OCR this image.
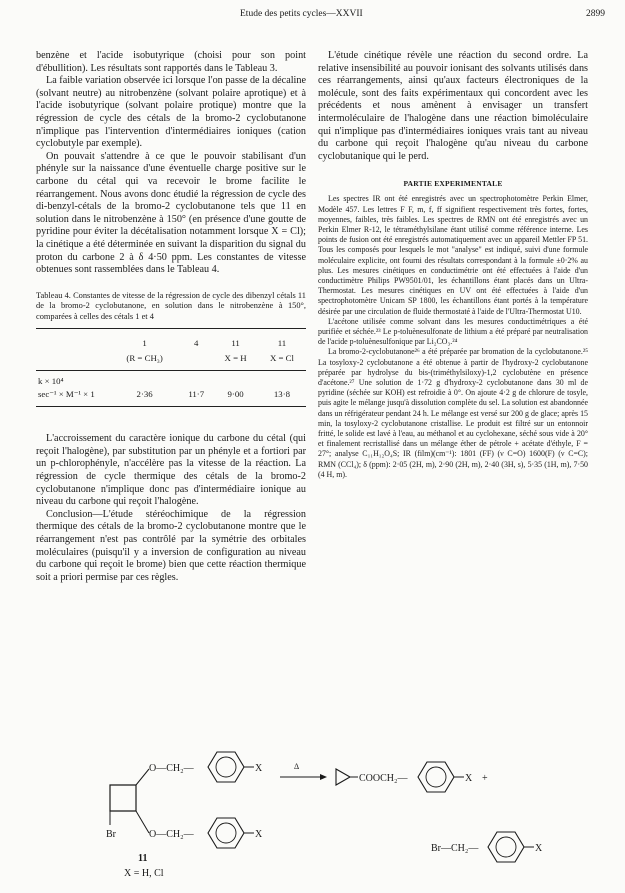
Etude des petits cycles—XXVII	2899

benzène et l'acide isobutyrique (choisi pour son point d'ébullition). Les résultats sont rapportés dans le Tableau 3.

La faible variation observée ici lorsque l'on passe de la décaline (solvant neutre) au nitrobenzène (solvant polaire aprotique) et à l'acide isobutyrique (solvant polaire protique) montre que la régression de cycle des cétals de la bromo-2 cyclobutanone n'implique pas l'intervention d'intermédiaires ioniques (cation cyclobutyle par exemple).

On pouvait s'attendre à ce que le pouvoir stabilisant d'un phényle sur la naissance d'une éventuelle charge positive sur le carbone du cétal qui va recevoir le brome facilite le réarrangement. Nous avons donc étudié la régression de cycle des di-benzyl-cétals de la bromo-2 cyclobutanone tels que 11 en solution dans le nitrobenzène à 150° (en présence d'une goutte de pyridine pour éviter la décétalisation notamment lorsque X = Cl); la cinétique a été déterminée en suivant la disparition du signal du proton du carbone 2 à δ 4·50 ppm. Les constantes de vitesse obtenues sont rassemblées dans le Tableau 4.

Tableau 4. Constantes de vitesse de la régression de cycle des dibenzyl cétals 11 de la bromo-2 cyclobutanone, en solution dans le nitrobenzène à 150°, comparées à celles des cétals 1 et 4

	1	4	11	11
	(R = CH₃)		X = H	X = Cl

k × 10⁴
sec⁻¹ × M⁻¹ × 1	2·36	11·7	9·00	13·8

L'accroissement du caractère ionique du carbone du cétal (qui reçoit l'halogène), par substitution par un phényle et a fortiori par un p-chlorophényle, n'accélère pas la vitesse de la réaction. La régression de cycle thermique des cétals de la bromo-2 cyclobutanone n'implique donc pas d'intermédiaire ionique au niveau du carbone qui reçoit l'halogène.

Conclusion—L'étude stéréochimique de la régression thermique des cétals de la bromo-2 cyclobutanone montre que le réarrangement n'est pas contrôlé par la symétrie des orbitales moléculaires (puisqu'il y a inversion de configuration au niveau du carbone qui reçoit le brome) bien que cette réaction thermique soit a priori permise par ces règles.

L'étude cinétique révèle une réaction du second ordre. La relative insensibilité au pouvoir ionisant des solvants utilisés dans ces réarrangements, ainsi qu'aux facteurs électroniques de la molécule, sont des faits expérimentaux qui concordent avec les précédents et nous amènent à envisager un transfert intermoléculaire de l'halogène dans une réaction bimoléculaire qui n'implique pas d'intermédiaires ioniques vrais tant au niveau du carbone qui reçoit l'halogène qu'au niveau du carbone cyclobutanique qui le perd.

PARTIE EXPERIMENTALE

Les spectres IR ont été enregistrés avec un spectrophotomètre Perkin Elmer, Modèle 457. Les lettres F F, m, f, ff signifient respectivement très fortes, fortes, moyennes, faibles, très faibles. Les spectres de RMN ont été enregistrés avec un Perkin Elmer R-12, le tétraméthylsilane étant utilisé comme référence interne. Les points de fusion ont été enregistrés automatiquement avec un appareil Mettler FP 51. Tous les composés pour lesquels le mot "analyse" est indiqué, suivi d'une formule moléculaire explicite, ont fourni des résultats correspondant à la formule ±0·2% au plus. Les mesures cinétiques en conductimétrie ont été effectuées à l'aide d'un conductimètre Philips PW9501/01, les échantillons étant placés dans un Ultra-Thermostat. Les mesures cinétiques en UV ont été effectuées à l'aide d'un spectrophotomètre Unicam SP 1800, les échantillons étant portés à la température désirée par une circulation de fluide thermostaté à l'aide de l'Ultra-Thermostat U10.

L'acétone utilisée comme solvant dans les mesures conductimétriques a été purifiée et séchée.²³ Le p-toluènesulfonate de lithium a été préparé par neutralisation de l'acide p-toluènesulfonique par Li₂CO₃.²⁴

La bromo-2-cyclobutanone²⁶ a été préparée par bromation de la cyclobutanone.²⁵ La tosyloxy-2 cyclobutanone a été obtenue à partir de l'hydroxy-2 cyclobutanone préparée par hydrolyse du bis-(triméthylsiloxy)-1,2 cyclobutène en présence d'acétone.²⁷ Une solution de 1·72 g d'hydroxy-2 cyclobutanone dans 30 ml de pyridine (séchée sur KOH) est refroidie à 0°. On ajoute 4·2 g de chlorure de tosyle, puis agite le mélange jusqu'à dissolution complète du sel. La solution est abandonnée dans un réfrigérateur pendant 24 h. Le mélange est versé sur 200 g de glace; après 15 min, la tosyloxy-2 cyclobutanone cristallise. Le produit est filtré sur un entonnoir fritté, le solide est lavé à l'eau, au méthanol et au cyclohexane, séché sous vide à 20° et finalement recristallisé dans un mélange éther de pétrole + acétate d'éthyle, F = 27°; analyse C₁₁H₁₂O₄S; IR (film)(cm⁻¹): 1801 (FF) (ν C=O) 1600(F) (ν C=C); RMN (CCl₄); δ (ppm): 2·05 (2H, m), 2·90 (2H, m), 2·40 (3H, s), 5·35 (1H, m), 7·50 (4 H, m).

Br
O—CH₂—
O—CH₂—
X
X
11
X = H, Cl
Δ
COOCH₂—	X +
Br—CH₂—	X
